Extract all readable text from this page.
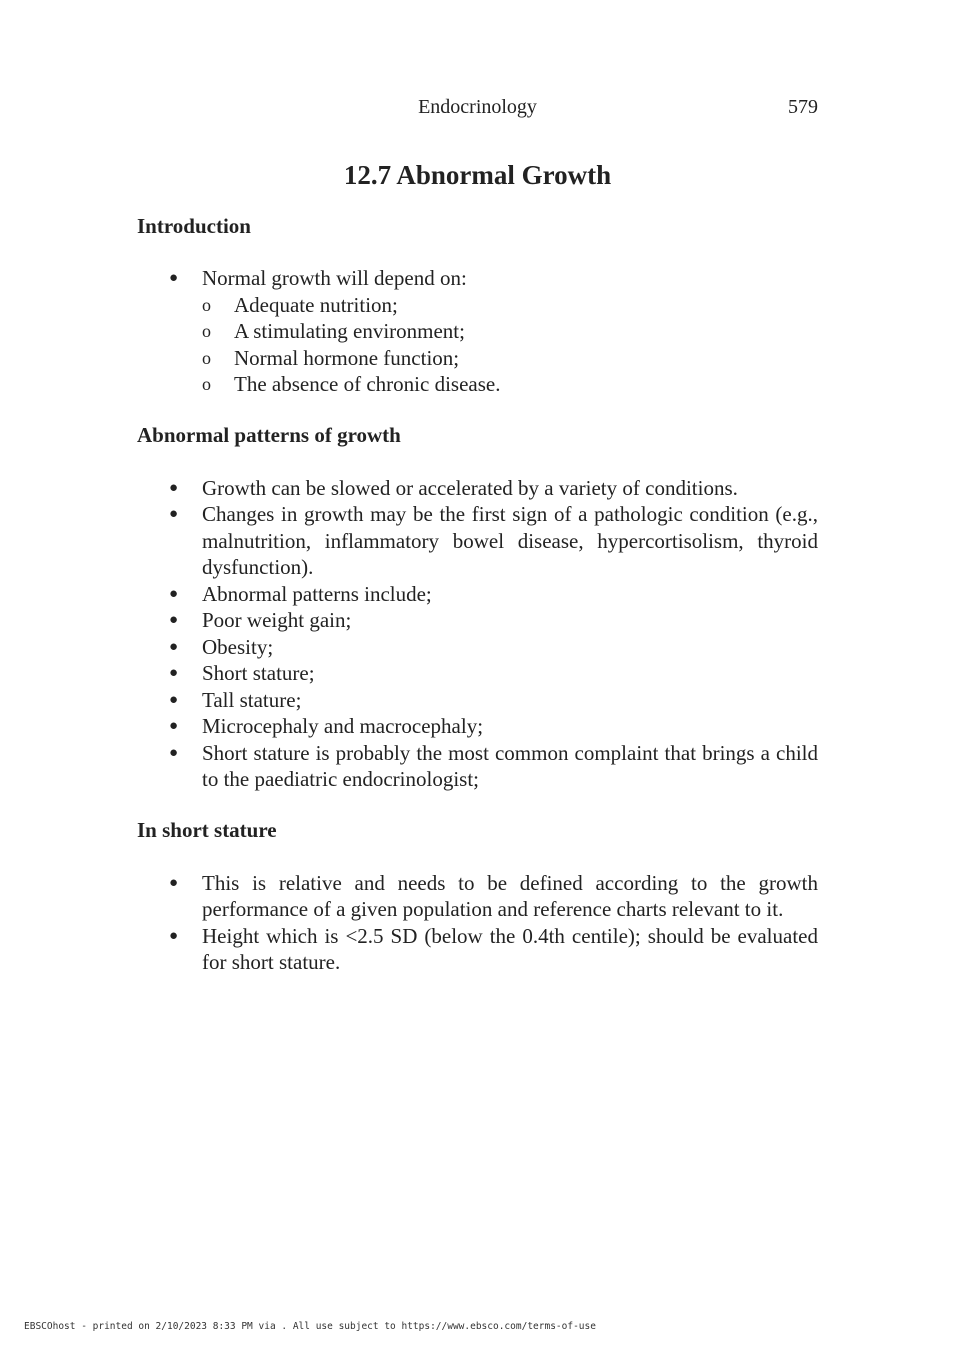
Endocrinology	579
12.7 Abnormal Growth
Introduction
● Normal growth will depend on:
o Adequate nutrition;
o A stimulating environment;
o Normal hormone function;
o The absence of chronic disease.
Abnormal patterns of growth
● Growth can be slowed or accelerated by a variety of conditions.
● Changes in growth may be the first sign of a pathologic condition (e.g., malnutrition, inflammatory bowel disease, hypercortisolism, thyroid dysfunction).
● Abnormal patterns include;
● Poor weight gain;
● Obesity;
● Short stature;
● Tall stature;
● Microcephaly and macrocephaly;
● Short stature is probably the most common complaint that brings a child to the paediatric endocrinologist;
In short stature
● This is relative and needs to be defined according to the growth performance of a given population and reference charts relevant to it.
● Height which is <2.5 SD (below the 0.4th centile); should be evaluated for short stature.
EBSCOhost - printed on 2/10/2023 8:33 PM via . All use subject to https://www.ebsco.com/terms-of-use
